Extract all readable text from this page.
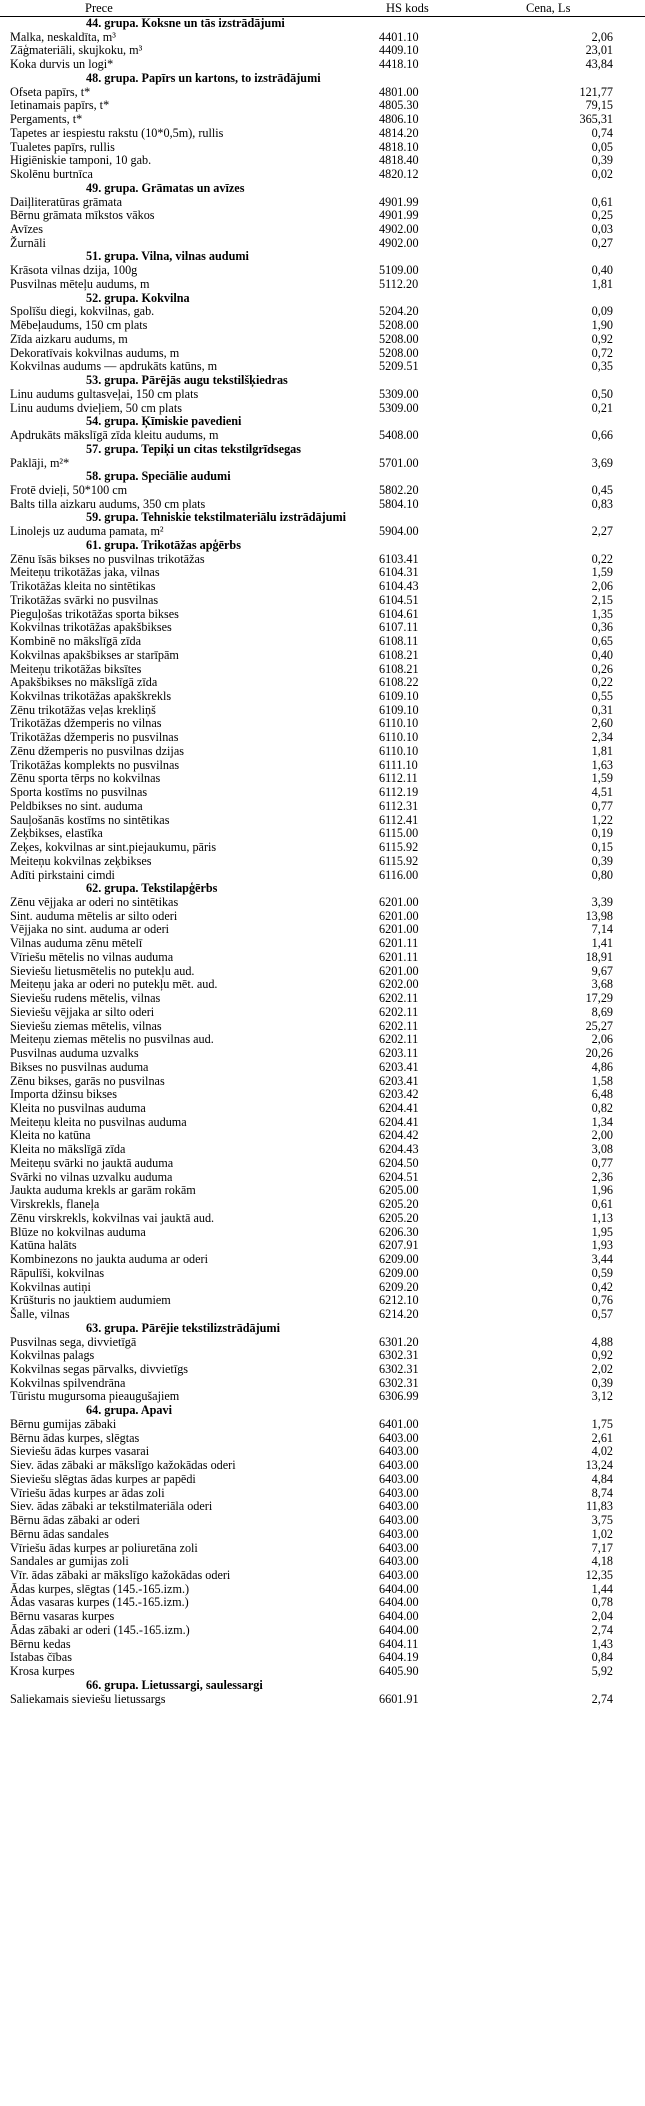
Prece	HS kods	Cena, Ls
44. grupa. Koksne un tās izstrādājumi
Malka, neskaldīta, m³	4401.10	2,06
Zāģmateriāli, skujkoku, m³	4409.10	23,01
Koka durvis un logi*	4418.10	43,84
48. grupa. Papīrs un kartons, to izstrādājumi
Ofseta papīrs, t*	4801.00	121,77
Ietinamais papīrs, t*	4805.30	79,15
Pergaments, t*	4806.10	365,31
Tapetes ar iespiestu rakstu (10*0,5m), rullis	4814.20	0,74
Tualetes papīrs, rullis	4818.10	0,05
Higiēniskie tamponi, 10 gab.	4818.40	0,39
Skolēnu burtnīca	4820.12	0,02
49. grupa. Grāmatas un avīzes
Daiļliteratūras grāmata	4901.99	0,61
Bērnu grāmata mīkstos vākos	4901.99	0,25
Avīzes	4902.00	0,03
Žurnāli	4902.00	0,27
51. grupa. Vilna, vilnas audumi
Krāsota vilnas dzija, 100g	5109.00	0,40
Pusvilnas mēteļu audums, m	5112.20	1,81
52. grupa. Kokvilna
Spolīšu diegi, kokvilnas, gab.	5204.20	0,09
Mēbeļaudums, 150 cm plats	5208.00	1,90
Zīda aizkaru audums, m	5208.00	0,92
Dekoratīvais kokvilnas audums, m	5208.00	0,72
Kokvilnas audums — apdrukāts katūns, m	5209.51	0,35
53. grupa. Pārējās augu tekstilšķiedras
Linu audums gultasveļai, 150 cm plats	5309.00	0,50
Linu audums dvieļiem, 50 cm plats	5309.00	0,21
54. grupa. Ķīmiskie pavedieni
Apdrukāts mākslīgā zīda kleitu audums, m	5408.00	0,66
57. grupa. Tepiķi un citas tekstilgrīdsegas
Paklāji, m²*	5701.00	3,69
58. grupa. Speciālie audumi
Frotē dvieļi, 50*100 cm	5802.20	0,45
Balts tilla aizkaru audums, 350 cm plats	5804.10	0,83
59. grupa. Tehniskie tekstilmateriālu izstrādājumi
Linolejs uz auduma pamata, m²	5904.00	2,27
61. grupa. Trikotāžas apģērbs
Zēnu īsās bikses no pusvilnas trikotāžas	6103.41	0,22
Meiteņu trikotāžas jaka, vilnas	6104.31	1,59
Trikotāžas kleita no sintētikas	6104.43	2,06
Trikotāžas svārki no pusvilnas	6104.51	2,15
Pieguļošas trikotāžas sporta bikses	6104.61	1,35
Kokvilnas trikotāžas apakšbikses	6107.11	0,36
Kombinē no mākslīgā zīda	6108.11	0,65
Kokvilnas apakšbikses ar starīpām	6108.21	0,40
Meiteņu trikotāžas biksītes	6108.21	0,26
Apakšbikses no mākslīgā zīda	6108.22	0,22
Kokvilnas trikotāžas apakškrekls	6109.10	0,55
Zēnu trikotāžas veļas krekliņš	6109.10	0,31
Trikotāžas džemperis no vilnas	6110.10	2,60
Trikotāžas džemperis no pusvilnas	6110.10	2,34
Zēnu džemperis no pusvilnas dzijas	6110.10	1,81
Trikotāžas komplekts no pusvilnas	6111.10	1,63
Zēnu sporta tērps no kokvilnas	6112.11	1,59
Sporta kostīms no pusvilnas	6112.19	4,51
Peldbikses no sint. auduma	6112.31	0,77
Sauļošanās kostīms no sintētikas	6112.41	1,22
Zeķbikses, elastīka	6115.00	0,19
Zeķes, kokvilnas ar sint.piejaukumu, pāris	6115.92	0,15
Meiteņu kokvilnas zeķbikses	6115.92	0,39
Adīti pirkstaini cimdi	6116.00	0,80
62. grupa. Tekstilapģērbs
Zēnu vējjaka ar oderi no sintētikas	6201.00	3,39
Sint. auduma mētelis ar silto oderi	6201.00	13,98
Vējjaka no sint. auduma ar oderi	6201.00	7,14
Vilnas auduma zēnu mētelī	6201.11	1,41
Vīriešu mētelis no vilnas auduma	6201.11	18,91
Sieviešu lietusmētelis no putekļu aud.	6201.00	9,67
Meiteņu jaka ar oderi no putekļu mēt. aud.	6202.00	3,68
Sieviešu rudens mētelis, vilnas	6202.11	17,29
Sieviešu vējjaka ar silto oderi	6202.11	8,69
Sieviešu ziemas mētelis, vilnas	6202.11	25,27
Meiteņu ziemas mētelis no pusvilnas aud.	6202.11	2,06
Pusvilnas auduma uzvalks	6203.11	20,26
Bikses no pusvilnas auduma	6203.41	4,86
Zēnu bikses, garās no pusvilnas	6203.41	1,58
Importa džinsu bikses	6203.42	6,48
Kleita no pusvilnas auduma	6204.41	0,82
Meiteņu kleita no pusvilnas auduma	6204.41	1,34
Kleita no katūna	6204.42	2,00
Kleita no mākslīgā zīda	6204.43	3,08
Meiteņu svārki no jauktā auduma	6204.50	0,77
Svārki no vilnas uzvalku auduma	6204.51	2,36
Jaukta auduma krekls ar garām rokām	6205.00	1,96
Virskrekls, flaneļa	6205.20	0,61
Zēnu virskrekls, kokvilnas vai jauktā aud.	6205.20	1,13
Blūze no kokvilnas auduma	6206.30	1,95
Katūna halāts	6207.91	1,93
Kombinezons no jaukta auduma ar oderi	6209.00	3,44
Rāpulīši, kokvilnas	6209.00	0,59
Kokvilnas autiņi	6209.20	0,42
Krūšturis no jauktiem audumiem	6212.10	0,76
Šalle, vilnas	6214.20	0,57
63. grupa. Pārējie tekstilizstrādājumi
Pusvilnas sega, divvietīgā	6301.20	4,88
Kokvilnas palags	6302.31	0,92
Kokvilnas segas pārvalks, divvietīgs	6302.31	2,02
Kokvilnas spilvendrāna	6302.31	0,39
Tūristu mugursoma pieaugušajiem	6306.99	3,12
64. grupa. Apavi
Bērnu gumijas zābaki	6401.00	1,75
Bērnu ādas kurpes, slēgtas	6403.00	2,61
Sieviešu ādas kurpes vasarai	6403.00	4,02
Siev. ādas zābaki ar mākslīgo kažokādas oderi	6403.00	13,24
Sieviešu slēgtas ādas kurpes ar papēdi	6403.00	4,84
Vīriešu ādas kurpes ar ādas zoli	6403.00	8,74
Siev. ādas zābaki ar tekstilmateriāla oderi	6403.00	11,83
Bērnu ādas zābaki ar oderi	6403.00	3,75
Bērnu ādas sandales	6403.00	1,02
Vīriešu ādas kurpes ar poliuretāna zoli	6403.00	7,17
Sandales ar gumijas zoli	6403.00	4,18
Vīr. ādas zābaki ar mākslīgo kažokādas oderi	6403.00	12,35
Ādas kurpes, slēgtas (145.-165.izm.)	6404.00	1,44
Ādas vasaras kurpes (145.-165.izm.)	6404.00	0,78
Bērnu vasaras kurpes	6404.00	2,04
Ādas zābaki ar oderi (145.-165.izm.)	6404.00	2,74
Bērnu kedas	6404.11	1,43
Istabas čības	6404.19	0,84
Krosa kurpes	6405.90	5,92
66. grupa. Lietussargi, saulessargi
Saliekamais sieviešu lietussargs	6601.91	2,74
